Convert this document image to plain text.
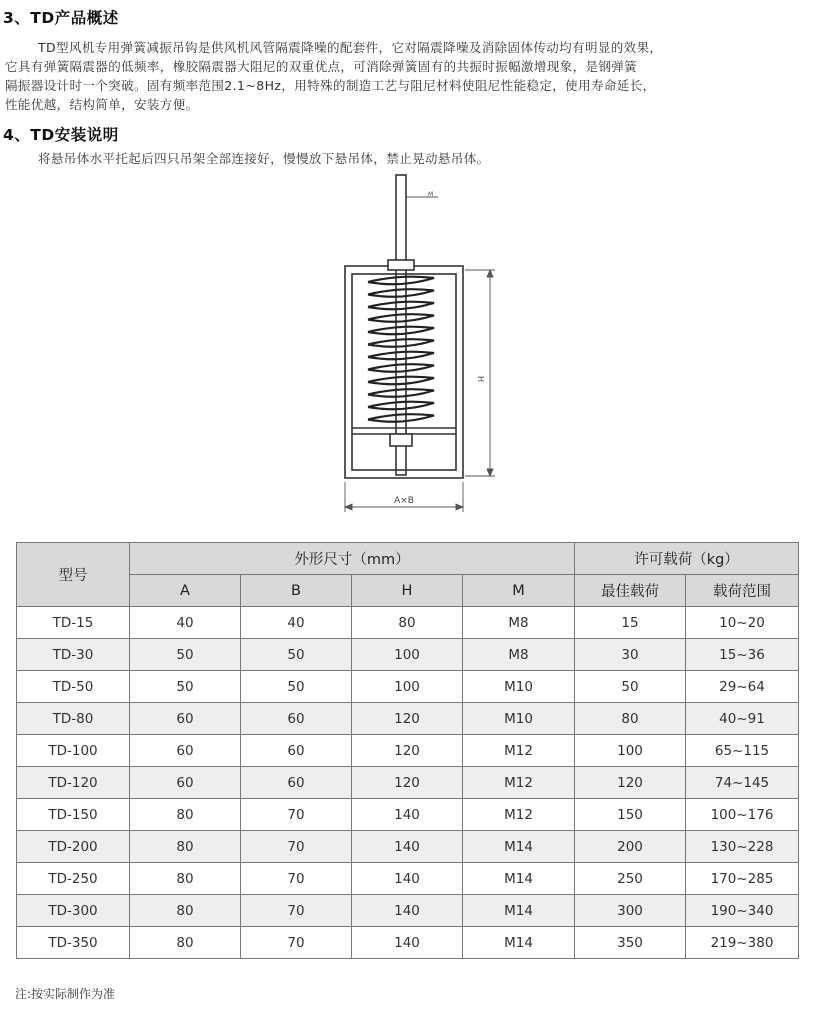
3、TD产品概述
TD型风机专用弹簧减振吊钩是供风机风管隔震降噪的配套件，它对隔震降噪及消除固体传动均有明显的效果，
它具有弹簧隔震器的低频率，橡胶隔震器大阻尼的双重优点，可消除弹簧固有的共振时振幅激增现象，是钢弹簧
隔振器设计时一个突破。固有频率范围2.1~8Hz，用特殊的制造工艺与阻尼材料使阻尼性能稳定，使用寿命延长，
性能优越，结构简单，安装方便。
4、TD安装说明
将悬吊体水平托起后四只吊架全部连接好，慢慢放下悬吊体，禁止晃动悬吊体。
M
H
A×B
型号	外形尺寸（mm）				许可载荷（kg）	
	A	B	H	M	最佳载荷	载荷范围
TD-15	40	40	80	M8	15	10~20
TD-30	50	50	100	M8	30	15~36
TD-50	50	50	100	M10	50	29~64
TD-80	60	60	120	M10	80	40~91
TD-100	60	60	120	M12	100	65~115
TD-120	60	60	120	M12	120	74~145
TD-150	80	70	140	M12	150	100~176
TD-200	80	70	140	M14	200	130~228
TD-250	80	70	140	M14	250	170~285
TD-300	80	70	140	M14	300	190~340
TD-350	80	70	140	M14	350	219~380
注:按实际制作为准
